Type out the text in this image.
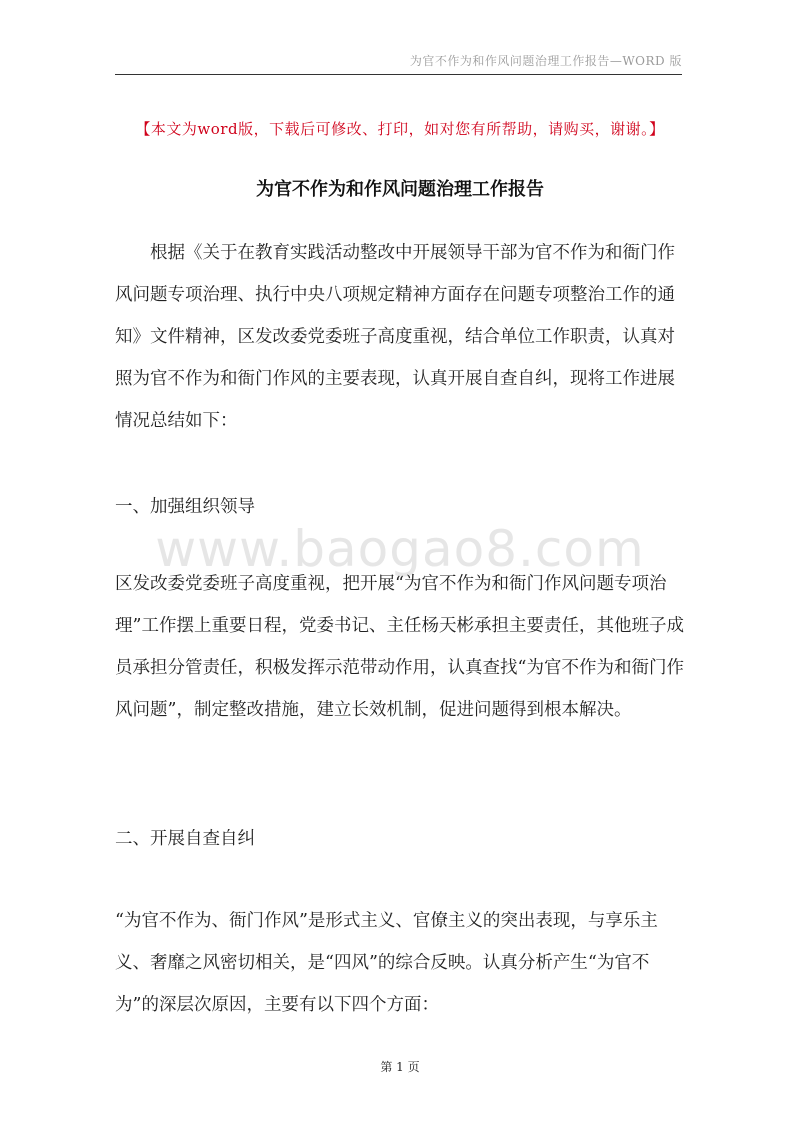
为官不作为和作风问题治理工作报告—WORD 版
【本文为word版，下载后可修改、打印，如对您有所帮助，请购买，谢谢。】
为官不作为和作风问题治理工作报告

根据《关于在教育实践活动整改中开展领导干部为官不作为和衙门作风问题专项治理、执行中央八项规定精神方面存在问题专项整治工作的通知》文件精神，区发改委党委班子高度重视，结合单位工作职责，认真对照为官不作为和衙门作风的主要表现，认真开展自查自纠，现将工作进展情况总结如下：

一、加强组织领导

www.baogao8.com

区发改委党委班子高度重视，把开展“为官不作为和衙门作风问题专项治理”工作摆上重要日程，党委书记、主任杨天彬承担主要责任，其他班子成员承担分管责任，积极发挥示范带动作用，认真查找“为官不作为和衙门作风问题”，制定整改措施，建立长效机制，促进问题得到根本解决。

二、开展自查自纠

“为官不作为、衙门作风”是形式主义、官僚主义的突出表现，与享乐主义、奢靡之风密切相关，是“四风”的综合反映。认真分析产生“为官不为”的深层次原因，主要有以下四个方面：

第 1 页
